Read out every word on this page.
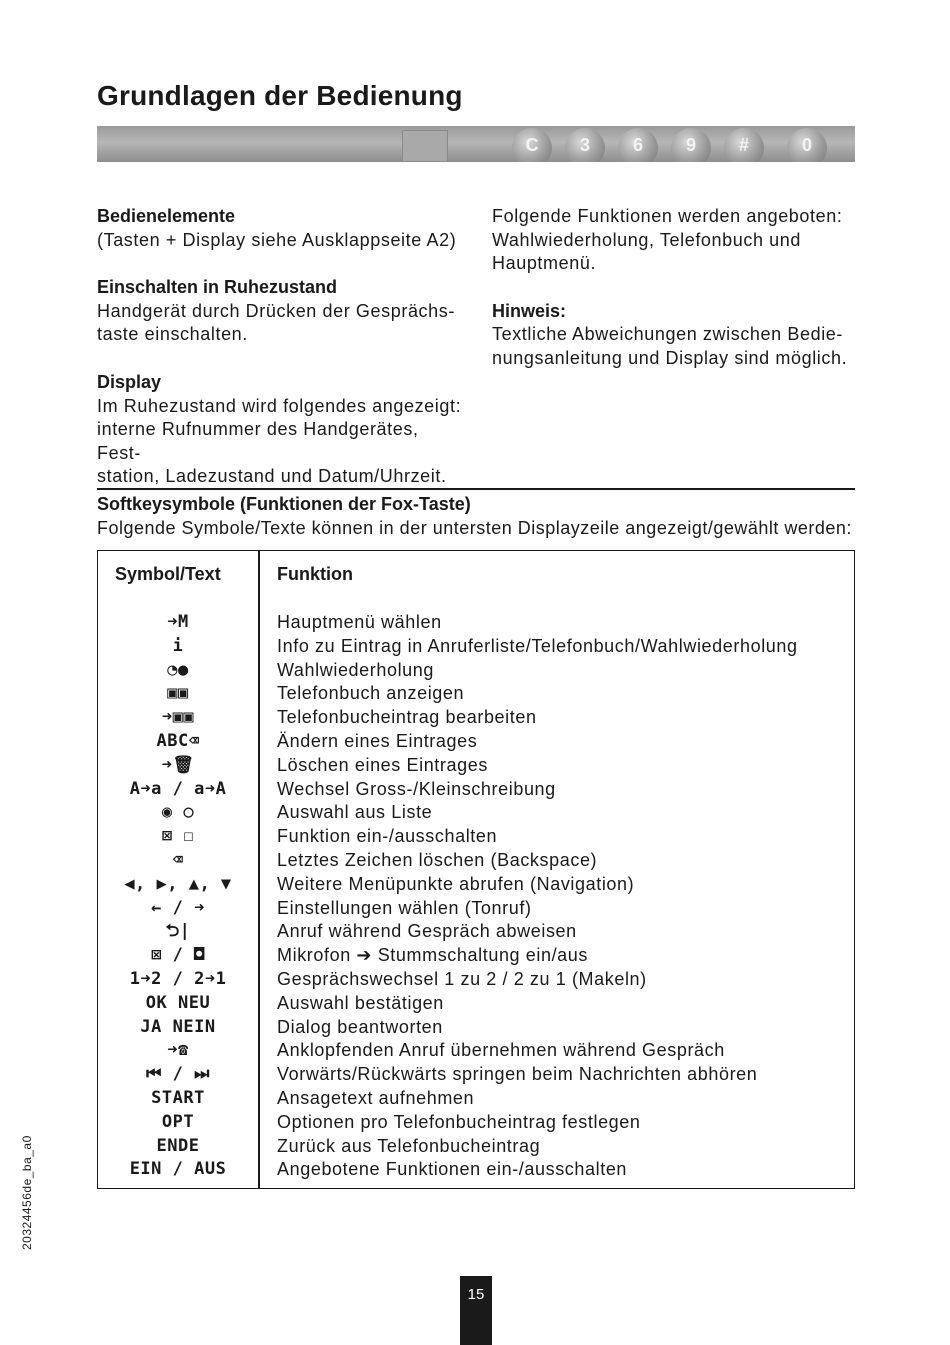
Grundlagen der Bedienung
C	3	6	9	#	0
Bedienelemente
(Tasten + Display siehe Ausklappseite A2)
Einschalten in Ruhezustand
Handgerät durch Drücken der Gesprächs-
taste einschalten.
Display
Im Ruhezustand wird folgendes angezeigt:
interne Rufnummer des Handgerätes, Fest-
station, Ladezustand und Datum/Uhrzeit.
Folgende Funktionen werden angeboten:
Wahlwiederholung, Telefonbuch und
Hauptmenü.
Hinweis:
Textliche Abweichungen zwischen Bedie-
nungsanleitung und Display sind möglich.
Softkeysymbole (Funktionen der Fox-Taste)
Folgende Symbole/Texte können in der untersten Displayzeile angezeigt/gewählt werden:
Symbol/Text	Funktion
➜M	Hauptmenü wählen
i	Info zu Eintrag in Anruferliste/Telefonbuch/Wahlwiederholung
◔●	Wahlwiederholung
▣▣	Telefonbuch anzeigen
➜▣▣	Telefonbucheintrag bearbeiten
ABC⌫	Ändern eines Eintrages
➜🗑	Löschen eines Eintrages
A➜a / a➜A	Wechsel Gross-/Kleinschreibung
◉ ○	Auswahl aus Liste
⊠ ☐	Funktion ein-/ausschalten
⌫	Letztes Zeichen löschen (Backspace)
◀, ▶, ▲, ▼	Weitere Menüpunkte abrufen (Navigation)
← / ➜	Einstellungen wählen (Tonruf)
⮌|	Anruf während Gespräch abweisen
⊠ / ◘	Mikrofon ➔ Stummschaltung ein/aus
1➜2 / 2➜1	Gesprächswechsel 1 zu 2 / 2 zu 1 (Makeln)
OK NEU	Auswahl bestätigen
JA NEIN	Dialog beantworten
➜☎	Anklopfenden Anruf übernehmen während Gespräch
⏮ / ⏭	Vorwärts/Rückwärts springen beim Nachrichten abhören
START	Ansagetext aufnehmen
OPT	Optionen pro Telefonbucheintrag festlegen
ENDE	Zurück aus Telefonbucheintrag
EIN / AUS	Angebotene Funktionen ein-/ausschalten
20324456de_ba_a0
15
